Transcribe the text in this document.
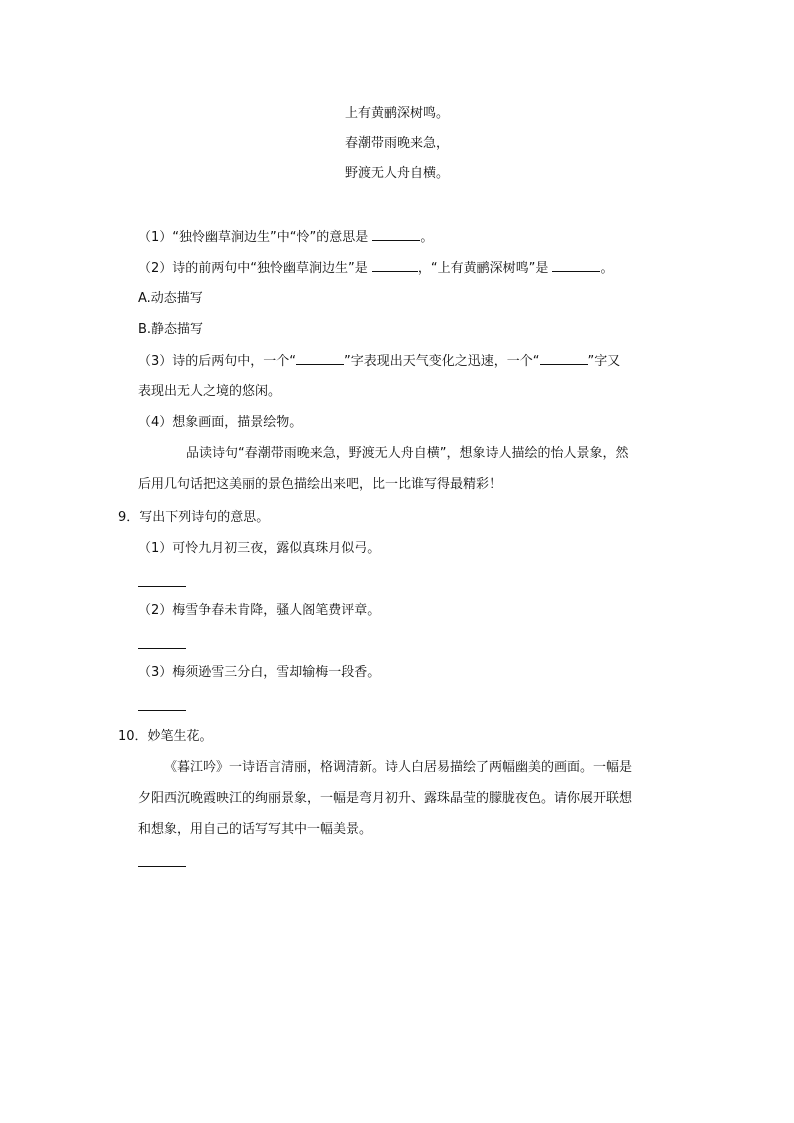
上有黄鹂深树鸣。
春潮带雨晚来急，
野渡无人舟自横。
（1）“独怜幽草涧边生”中“怜”的意思是	。
（2）诗的前两句中“独怜幽草涧边生”是	，“上有黄鹂深树鸣”是	。
A.动态描写
B.静态描写
（3）诗的后两句中，一个“	”字表现出天气变化之迅速，一个“	”字又
表现出无人之境的悠闲。
（4）想象画面，描景绘物。
品读诗句“春潮带雨晚来急，野渡无人舟自横”，想象诗人描绘的怡人景象，然
后用几句话把这美丽的景色描绘出来吧，比一比谁写得最精彩！
9．写出下列诗句的意思。
（1）可怜九月初三夜，露似真珠月似弓。
（2）梅雪争春未肯降，骚人阁笔费评章。
（3）梅须逊雪三分白，雪却输梅一段香。
10．妙笔生花。
《暮江吟》一诗语言清丽，格调清新。诗人白居易描绘了两幅幽美的画面。一幅是
夕阳西沉晚霞映江的绚丽景象，一幅是弯月初升、露珠晶莹的朦胧夜色。请你展开联想
和想象，用自己的话写写其中一幅美景。
